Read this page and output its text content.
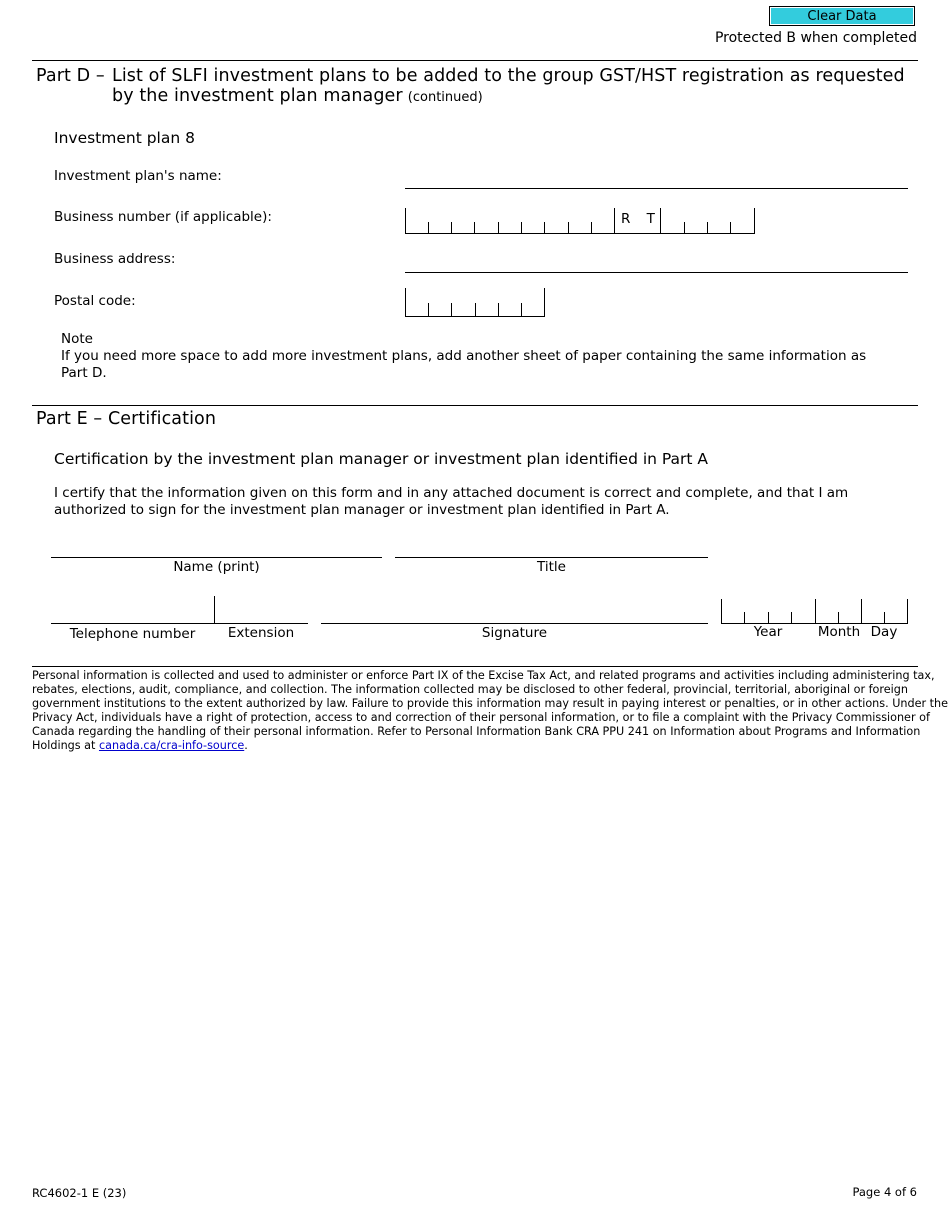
Clear Data
Protected B when completed
Part D – List of SLFI investment plans to be added to the group GST/HST registration as requested
by the investment plan manager (continued)
Investment plan 8
Investment plan's name:
Business number (if applicable):	R T
Business address:
Postal code:
Note
If you need more space to add more investment plans, add another sheet of paper containing the same information as
Part D.
Part E – Certification
Certification by the investment plan manager or investment plan identified in Part A
I certify that the information given on this form and in any attached document is correct and complete, and that I am
authorized to sign for the investment plan manager or investment plan identified in Part A.
Name (print)	Title
Telephone number	Extension	Signature	Year	Month Day
Personal information is collected and used to administer or enforce Part IX of the Excise Tax Act, and related programs and activities including administering tax,
rebates, elections, audit, compliance, and collection. The information collected may be disclosed to other federal, provincial, territorial, aboriginal or foreign
government institutions to the extent authorized by law. Failure to provide this information may result in paying interest or penalties, or in other actions. Under the
Privacy Act, individuals have a right of protection, access to and correction of their personal information, or to file a complaint with the Privacy Commissioner of
Canada regarding the handling of their personal information. Refer to Personal Information Bank CRA PPU 241 on Information about Programs and Information
Holdings at canada.ca/cra-info-source.
RC4602-1 E (23)	Page 4 of 6
